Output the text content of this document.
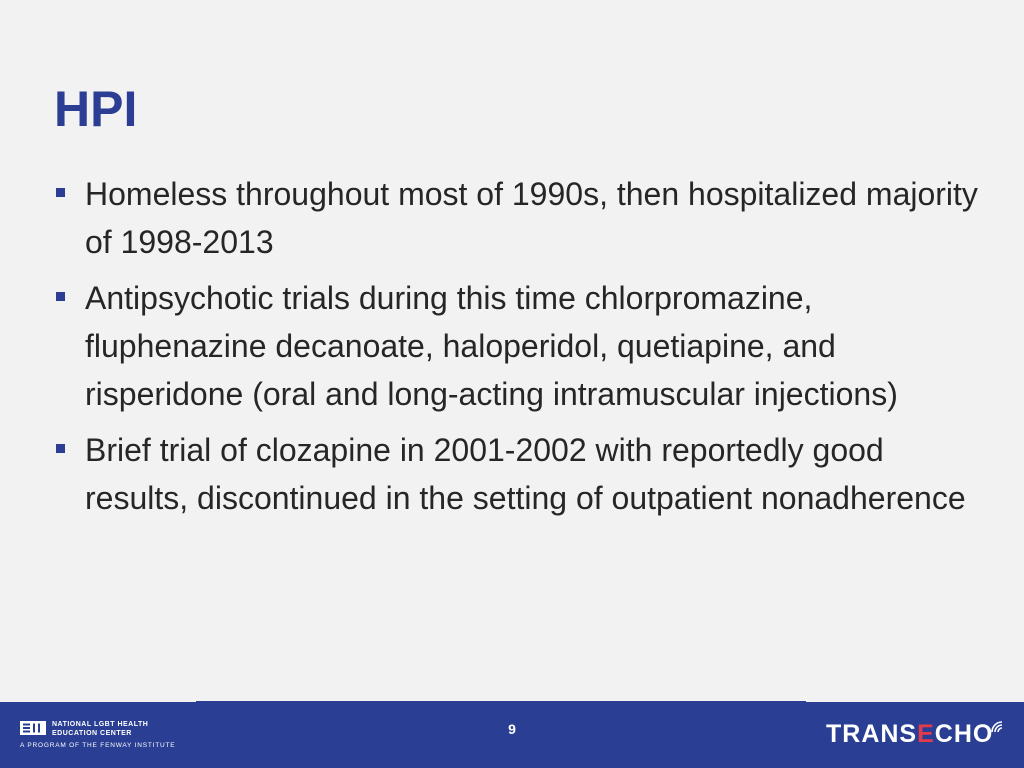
HPI
Homeless throughout most of 1990s, then hospitalized majority of 1998-2013
Antipsychotic trials during this time chlorpromazine, fluphenazine decanoate, haloperidol, quetiapine, and risperidone (oral and long-acting intramuscular injections)
Brief trial of clozapine in 2001-2002 with reportedly good results, discontinued in the setting of outpatient nonadherence
NATIONAL LGBT HEALTH
EDUCATION CENTER
A PROGRAM OF THE FENWAY INSTITUTE
9	TRANSECHO
